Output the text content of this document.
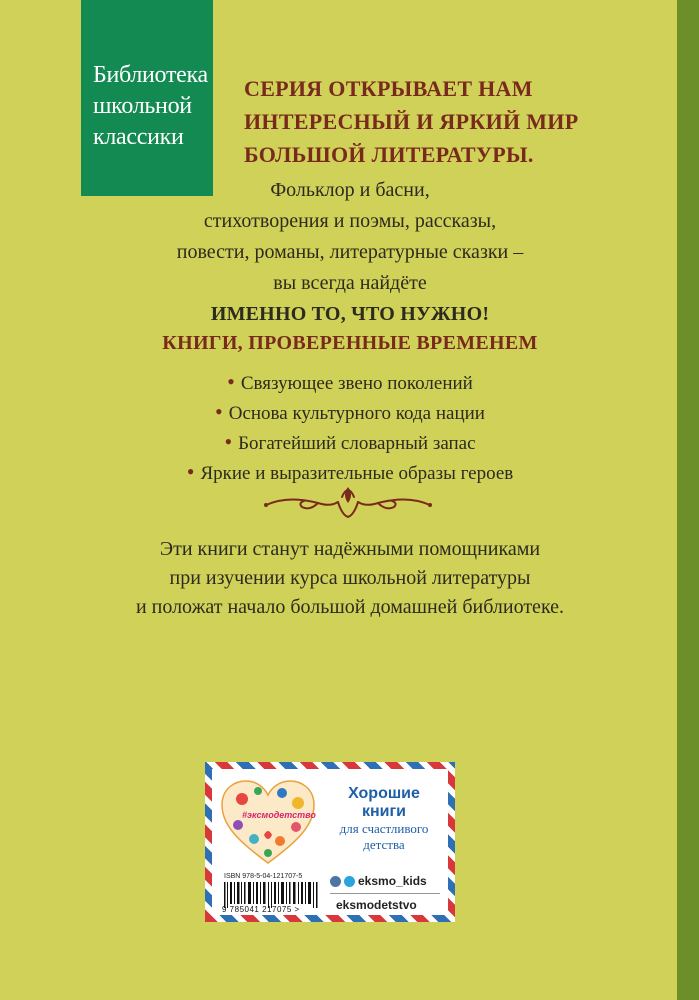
Библиотека
школьной
классики
СЕРИЯ ОТКРЫВАЕТ НАМ
ИНТЕРЕСНЫЙ И ЯРКИЙ МИР
БОЛЬШОЙ ЛИТЕРАТУРЫ.
Фольклор и басни,
стихотворения и поэмы, рассказы,
повести, романы, литературные сказки –
вы всегда найдёте
ИМЕННО ТО, ЧТО НУЖНО!
КНИГИ, ПРОВЕРЕННЫЕ ВРЕМЕНЕМ
• Связующее звено поколений
• Основа культурного кода нации
• Богатейший словарный запас
• Яркие и выразительные образы героев
Эти книги станут надёжными помощниками
при изучении курса школьной литературы
и положат начало большой домашней библиотеке.
#эксмодетство
Хорошие
книги
для счастливого
детства
ISBN 978-5-04-121707-5
9 785041 217075 >
eksmo_kids
eksmodetstvo
